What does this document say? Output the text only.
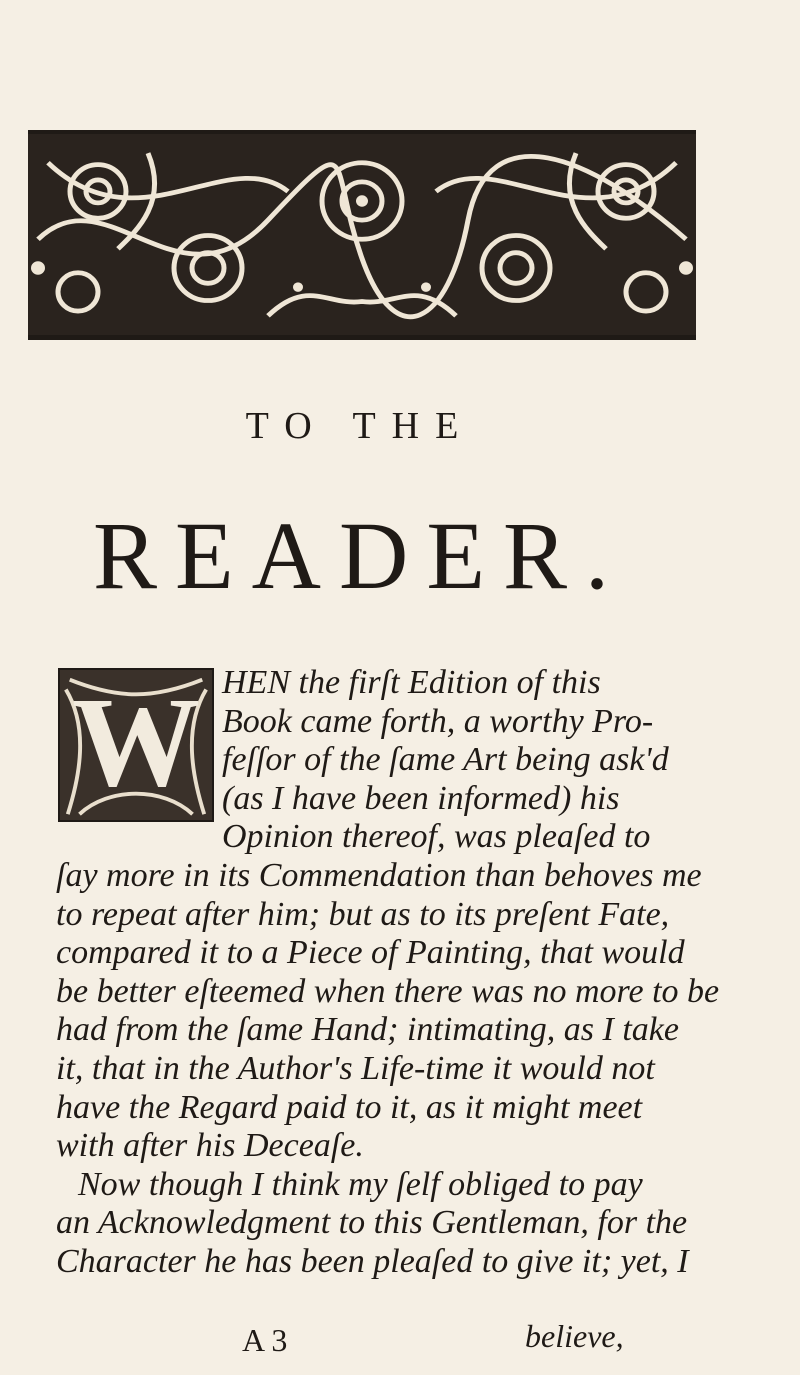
TO THE
READER.
W HEN the firſt Edition of this
Book came forth, a worthy Pro-
feſſor of the ſame Art being ask'd
(as I have been informed) his
Opinion thereof, was pleaſed to
ſay more in its Commendation than behoves me
to repeat after him; but as to its preſent Fate,
compared it to a Piece of Painting, that would
be better eſteemed when there was no more to be
had from the ſame Hand; intimating, as I take
it, that in the Author's Life-time it would not
have the Regard paid to it, as it might meet
with after his Deceaſe.
Now though I think my ſelf obliged to pay
an Acknowledgment to this Gentleman, for the
Character he has been pleaſed to give it; yet, I
A 3	believe,
